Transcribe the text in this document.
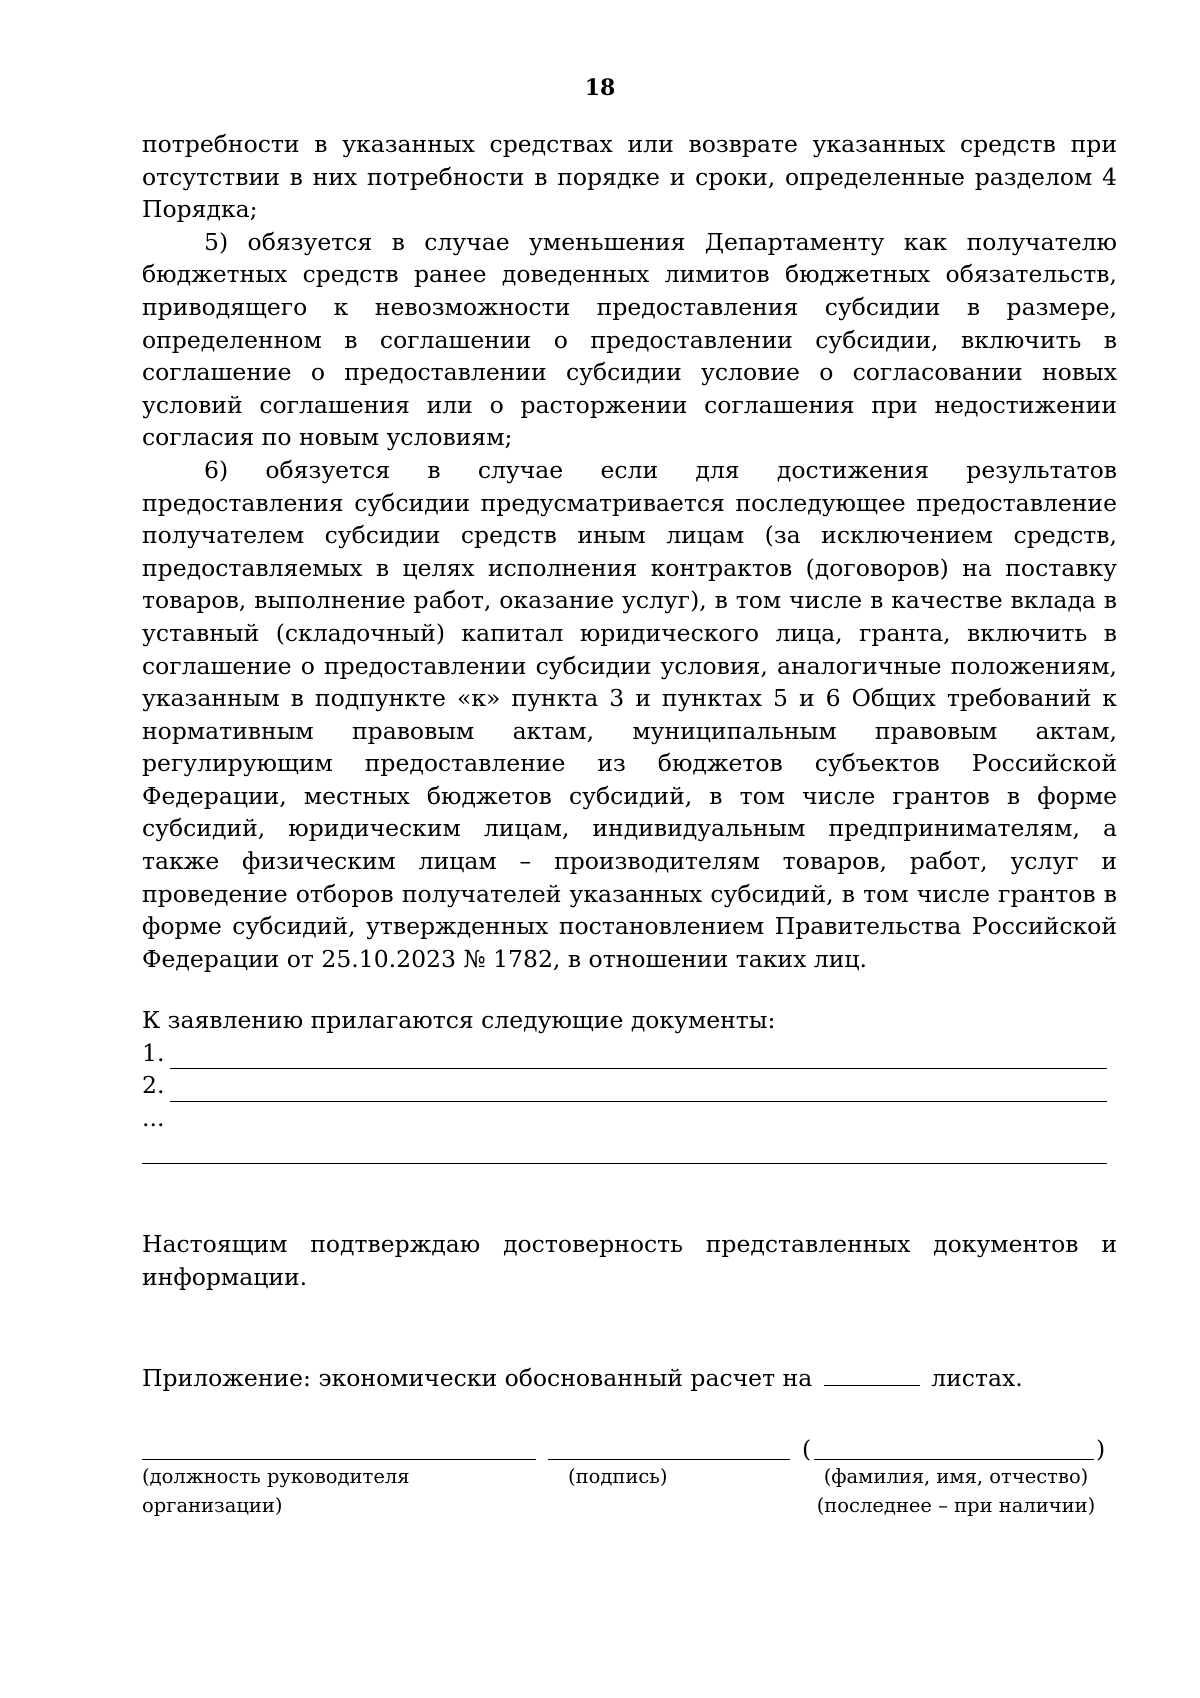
18

потребности в указанных средствах или возврате указанных средств при отсутствии в них потребности в порядке и сроки, определенные разделом 4 Порядка;

5) обязуется в случае уменьшения Департаменту как получателю бюджетных средств ранее доведенных лимитов бюджетных обязательств, приводящего к невозможности предоставления субсидии в размере, определенном в соглашении о предоставлении субсидии, включить в соглашение о предоставлении субсидии условие о согласовании новых условий соглашения или о расторжении соглашения при недостижении согласия по новым условиям;

6) обязуется в случае если для достижения результатов предоставления субсидии предусматривается последующее предоставление получателем субсидии средств иным лицам (за исключением средств, предоставляемых в целях исполнения контрактов (договоров) на поставку товаров, выполнение работ, оказание услуг), в том числе в качестве вклада в уставный (складочный) капитал юридического лица, гранта, включить в соглашение о предоставлении субсидии условия, аналогичные положениям, указанным в подпункте «к» пункта 3 и пунктах 5 и 6 Общих требований к нормативным правовым актам, муниципальным правовым актам, регулирующим предоставление из бюджетов субъектов Российской Федерации, местных бюджетов субсидий, в том числе грантов в форме субсидий, юридическим лицам, индивидуальным предпринимателям, а также физическим лицам – производителям товаров, работ, услуг и проведение отборов получателей указанных субсидий, в том числе грантов в форме субсидий, утвержденных постановлением Правительства Российской Федерации от 25.10.2023 № 1782, в отношении таких лиц.

К заявлению прилагаются следующие документы:
1.
2.
...

Настоящим подтверждаю достоверность представленных документов и информации.

Приложение: экономически обоснованный расчет на	листах.

(	)
(должность руководителя организации)
(подпись)	(фамилия, имя, отчество) (последнее – при наличии)
